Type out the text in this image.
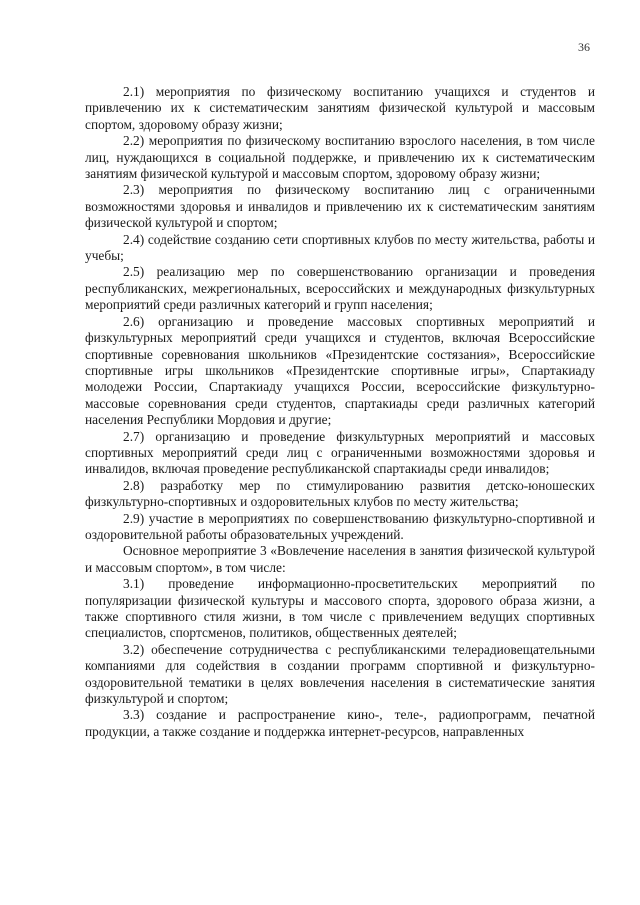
36

2.1) мероприятия по физическому воспитанию учащихся и студентов и привлечению их к систематическим занятиям физической культурой и массовым спортом, здоровому образу жизни;

2.2) мероприятия по физическому воспитанию взрослого населения, в том числе лиц, нуждающихся в социальной поддержке, и привлечению их к систематическим занятиям физической культурой и массовым спортом, здоровому образу жизни;

2.3) мероприятия по физическому воспитанию лиц с ограниченными возможностями здоровья и инвалидов и привлечению их к систематическим занятиям физической культурой и спортом;

2.4) содействие созданию сети спортивных клубов по месту жительства, работы и учебы;

2.5) реализацию мер по совершенствованию организации и проведения республиканских, межрегиональных, всероссийских и международных физкультурных мероприятий среди различных категорий и групп населения;

2.6) организацию и проведение массовых спортивных мероприятий и физкультурных мероприятий среди учащихся и студентов, включая Всероссийские спортивные соревнования школьников «Президентские состязания», Всероссийские спортивные игры школьников «Президентские спортивные игры», Спартакиаду молодежи России, Спартакиаду учащихся России, всероссийские физкультурно-массовые соревнования среди студентов, спартакиады среди различных категорий населения Республики Мордовия и другие;

2.7) организацию и проведение физкультурных мероприятий и массовых спортивных мероприятий среди лиц с ограниченными возможностями здоровья и инвалидов, включая проведение республиканской спартакиады среди инвалидов;

2.8) разработку мер по стимулированию развития детско-юношеских физкультурно-спортивных и оздоровительных клубов по месту жительства;

2.9) участие в мероприятиях по совершенствованию физкультурно-спортивной и оздоровительной работы образовательных учреждений.

Основное мероприятие 3 «Вовлечение населения в занятия физической культурой и массовым спортом», в том числе:

3.1) проведение информационно-просветительских мероприятий по популяризации физической культуры и массового спорта, здорового образа жизни, а также спортивного стиля жизни, в том числе с привлечением ведущих спортивных специалистов, спортсменов, политиков, общественных деятелей;

3.2) обеспечение сотрудничества с республиканскими телерадиовещательными компаниями для содействия в создании программ спортивной и физкультурно-оздоровительной тематики в целях вовлечения населения в систематические занятия физкультурой и спортом;

3.3) создание и распространение кино-, теле-, радиопрограмм, печатной продукции, а также создание и поддержка интернет-ресурсов, направленных
